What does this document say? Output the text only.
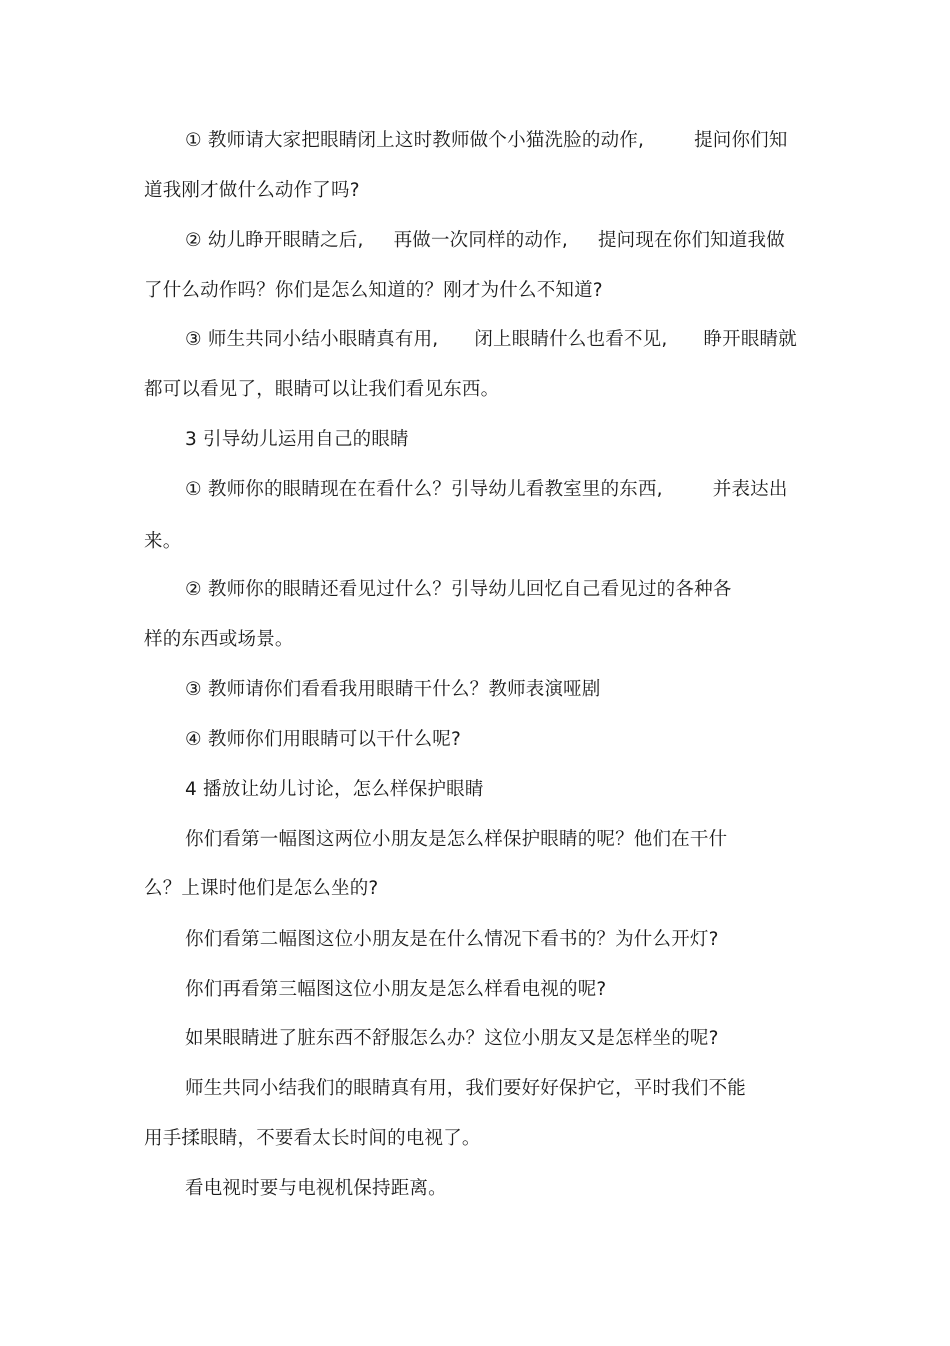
① 教师请大家把眼睛闭上这时教师做个小猫洗脸的动作,	提问你们知
道我刚才做什么动作了吗?
② 幼儿睁开眼睛之后, 再做一次同样的动作, 提问现在你们知道我做
了什么动作吗？你们是怎么知道的？刚才为什么不知道?
③ 师生共同小结小眼睛真有用, 闭上眼睛什么也看不见, 睁开眼睛就
都可以看见了，眼睛可以让我们看见东西。
3 引导幼儿运用自己的眼睛
① 教师你的眼睛现在在看什么？引导幼儿看教室里的东西,	并表达出
来。
② 教师你的眼睛还看见过什么？引导幼儿回忆自己看见过的各种各
样的东西或场景。
③ 教师请你们看看我用眼睛干什么？教师表演哑剧
④ 教师你们用眼睛可以干什么呢?
4 播放让幼儿讨论，怎么样保护眼睛
你们看第一幅图这两位小朋友是怎么样保护眼睛的呢？他们在干什
么？上课时他们是怎么坐的?
你们看第二幅图这位小朋友是在什么情况下看书的？为什么开灯?
你们再看第三幅图这位小朋友是怎么样看电视的呢?
如果眼睛进了脏东西不舒服怎么办？这位小朋友又是怎样坐的呢?
师生共同小结我们的眼睛真有用，我们要好好保护它，平时我们不能
用手揉眼睛，不要看太长时间的电视了。
看电视时要与电视机保持距离。
